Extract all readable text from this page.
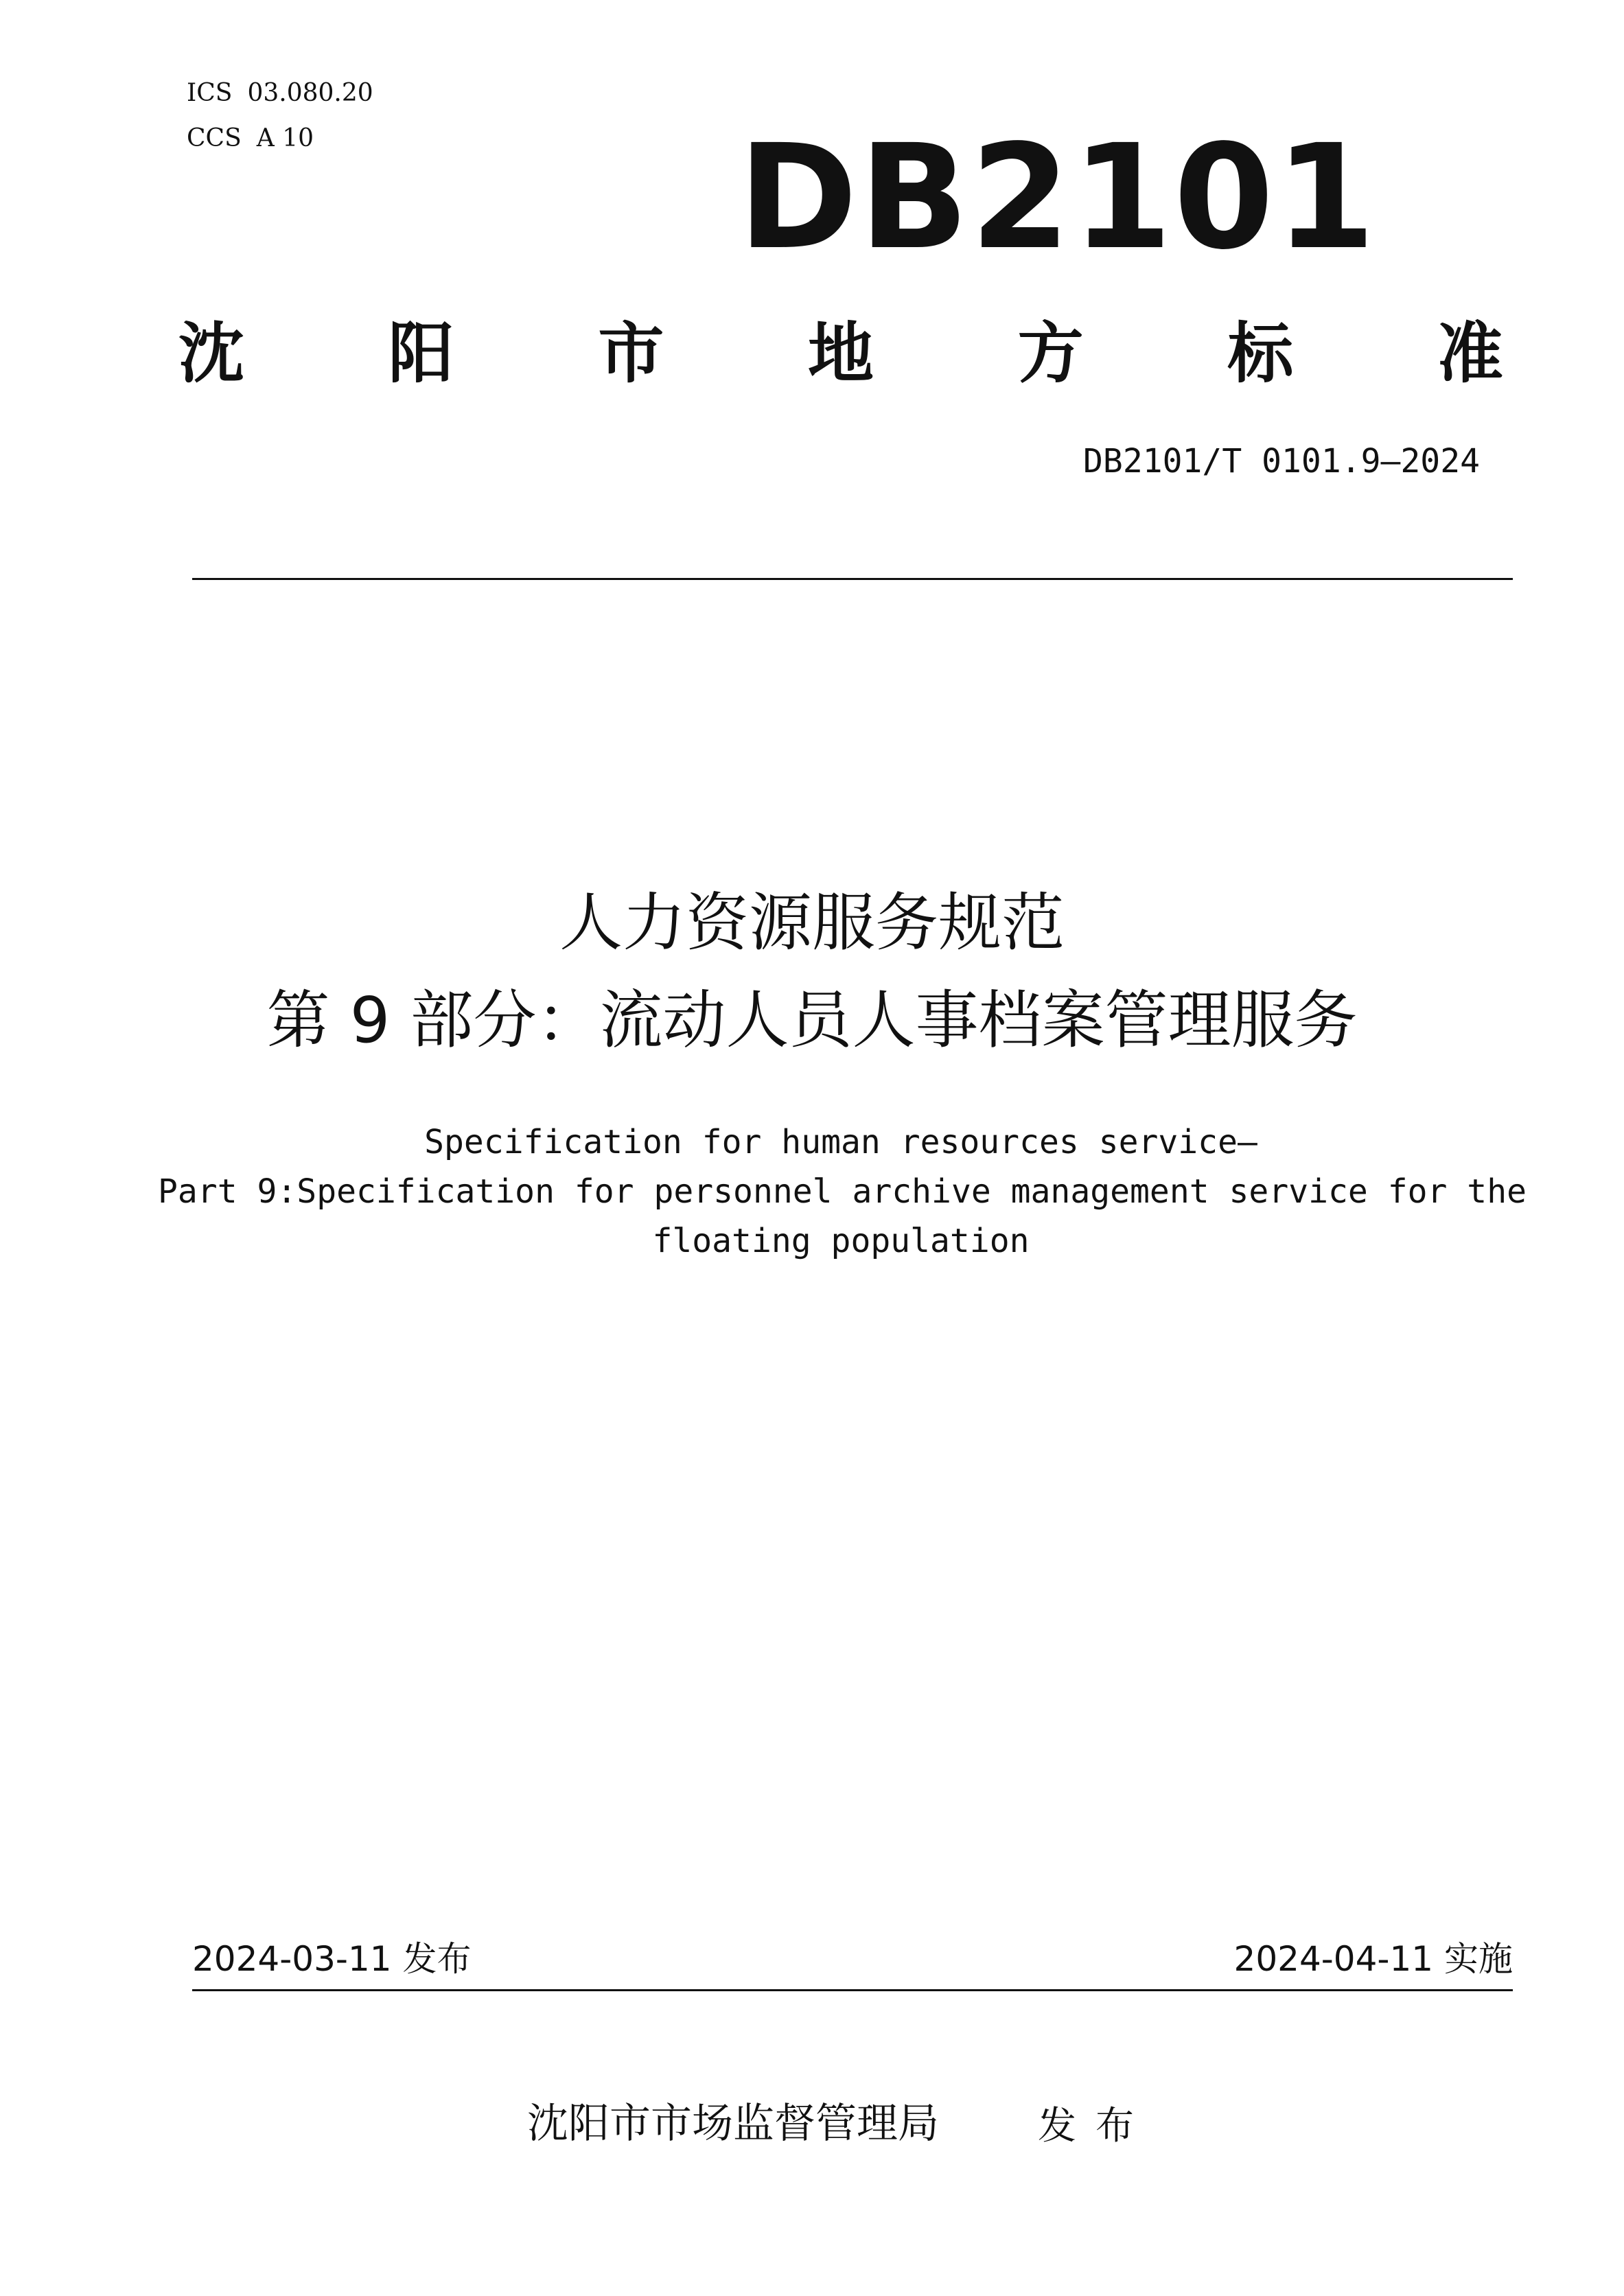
ICS 03.080.20
CCS A 10	DB2101
沈 阳 市 地 方 标 准
DB2101/T 0101.9—2024
人力资源服务规范
第 9 部分：流动人员人事档案管理服务
Specification for human resources service—
Part 9:Specification for personnel archive management service for the
floating population
2024-03-11 发布	2024-04-11 实施
沈阳市市场监督管理局	发布
